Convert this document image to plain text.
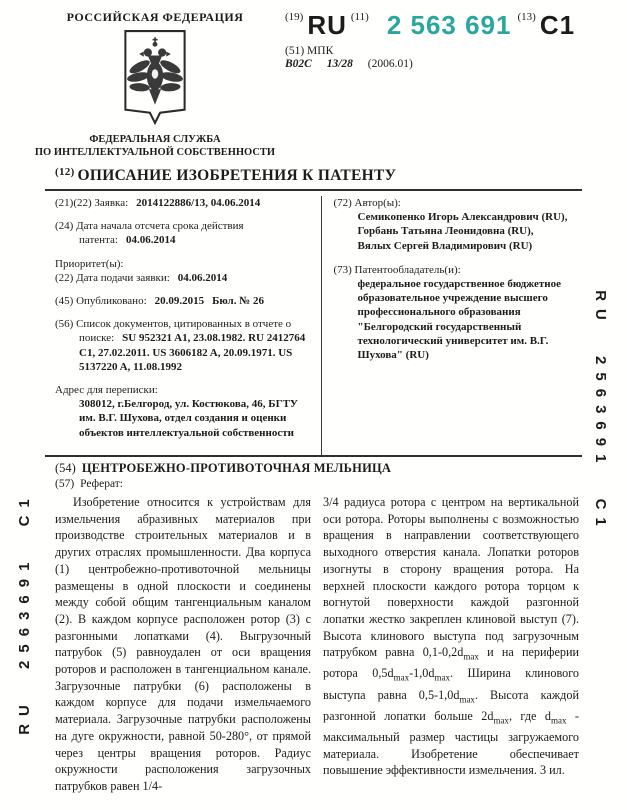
RU 2563691 C1
RU 2563691 C1
РОССИЙСКАЯ ФЕДЕРАЦИЯ
ФЕДЕРАЛЬНАЯ СЛУЖБА
ПО ИНТЕЛЛЕКТУАЛЬНОЙ СОБСТВЕННОСТИ
$^{(19)}$ RU $^{(11)}$ 2 563 691 $^{(13)}$ C1
(51) МПК
B02C 13/28 (2006.01)
$^{(12)}$ ОПИСАНИЕ ИЗОБРЕТЕНИЯ К ПАТЕНТУ
(21)(22) Заявка: 2014122886/13, 04.06.2014
(24) Дата начала отсчета срока действия патента: 04.06.2014
Приоритет(ы):
(22) Дата подачи заявки: 04.06.2014
(45) Опубликовано: 20.09.2015 Бюл. № 26
(56) Список документов, цитированных в отчете о поиске: SU 952321 A1, 23.08.1982. RU 2412764 C1, 27.02.2011. US 3606182 A, 20.09.1971. US 5137220 A, 11.08.1992
Адрес для переписки:
308012, г.Белгород, ул. Костюкова, 46, БГТУ им. В.Г. Шухова, отдел создания и оценки объектов интеллектуальной собственности
(72) Автор(ы):
Семикопенко Игорь Александрович (RU),
Горбань Татьяна Леонидовна (RU),
Вялых Сергей Владимирович (RU)
(73) Патентообладатель(и):
федеральное государственное бюджетное образовательное учреждение высшего профессионального образования "Белгородский государственный технологический университет им. В.Г. Шухова" (RU)
(54) ЦЕНТРОБЕЖНО-ПРОТИВОТОЧНАЯ МЕЛЬНИЦА
(57) Реферат:
Изобретение относится к устройствам для измельчения абразивных материалов при производстве строительных материалов и в других отраслях промышленности. Два корпуса (1) центробежно-противоточной мельницы размещены в одной плоскости и соединены между собой общим тангенциальным каналом (2). В каждом корпусе расположен ротор (3) с разгонными лопатками (4). Выгрузочный патрубок (5) равноудален от оси вращения роторов и расположен в тангенциальном канале. Загрузочные патрубки (6) расположены в каждом корпусе для подачи измельчаемого материала. Загрузочные патрубки расположены на дуге окружности, равной 50-280°, от прямой через центры вращения роторов. Радиус окружности расположения загрузочных патрубков равен 1/4-
3/4 радиуса ротора с центром на вертикальной оси ротора. Роторы выполнены с возможностью вращения в направлении соответствующего выходного отверстия канала. Лопатки роторов изогнуты в сторону вращения ротора. На верхней плоскости каждого ротора торцом к вогнутой поверхности каждой разгонной лопатки жестко закреплен клиновой выступ (7). Высота клинового выступа под загрузочным патрубком равна $0,1-0,2d_{max}$ и на периферии ротора $0,5d_{max}-1,0d_{max}$. Ширина клинового выступа равна $0,5-1,0d_{max}$. Высота каждой разгонной лопатки больше $2d_{max}$, где $d_{max}$ - максимальный размер частицы загружаемого материала. Изобретение обеспечивает повышение эффективности измельчения. 3 ил.
